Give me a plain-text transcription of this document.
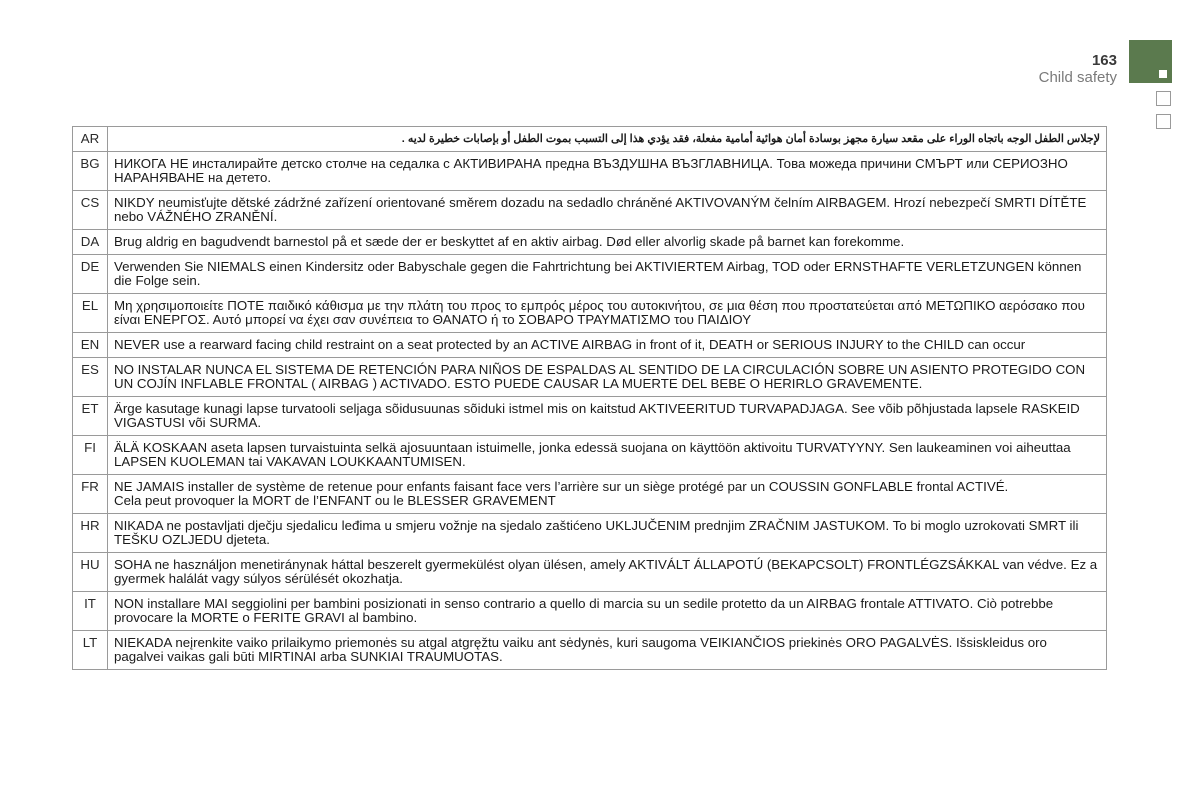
163
Child safety
AR	لإجلاس الطفل الوجه باتجاه الوراء على مقعد سيارة مجهز بوسادة أمان هوائية أمامية مفعلة، فقد يؤدي هذا إلى التسبب بموت الطفل أو بإصابات خطيرة لديه .
BG	НИКОГА НЕ инсталирайте детско столче на седалка с АКТИВИРАНА предна ВЪЗДУШНА ВЪЗГЛАВНИЦА. Това можеда причини СМЪРТ или СЕРИОЗНО НАРАНЯВАНЕ на детето.
CS	NIKDY neumisťujte dětské zádržné zařízení orientované směrem dozadu na sedadlo chráněné AKTIVOVANÝM čelním AIRBAGEM. Hrozí nebezpečí SMRTI DÍTĚTE nebo VÁŽNÉHO ZRANĚNÍ.
DA	Brug aldrig en bagudvendt barnestol på et sæde der er beskyttet af en aktiv airbag. Død eller alvorlig skade på barnet kan forekomme.
DE	Verwenden Sie NIEMALS einen Kindersitz oder Babyschale gegen die Fahrtrichtung bei AKTIVIERTEM Airbag, TOD oder ERNSTHAFTE VERLETZUNGEN können die Folge sein.
EL	Μη χρησιμοποιείτε ΠΟΤΕ παιδικό κάθισμα με την πλάτη του προς το εμπρός μέρος του αυτοκινήτου, σε μια θέση που προστατεύεται από ΜΕΤΩΠΙΚΟ αερόσακο που είναι ΕΝΕΡΓΟΣ. Αυτό μπορεί να έχει σαν συνέπεια το ΘΑΝΑΤΟ ή το ΣΟΒΑΡΟ ΤΡΑΥΜΑΤΙΣΜΟ του ΠΑΙΔΙΟΥ
EN	NEVER use a rearward facing child restraint on a seat protected by an ACTIVE AIRBAG in front of it, DEATH or SERIOUS INJURY to the CHILD can occur
ES	NO INSTALAR NUNCA EL SISTEMA DE RETENCIÓN PARA NIÑOS DE ESPALDAS AL SENTIDO DE LA CIRCULACIÓN SOBRE UN ASIENTO PROTEGIDO CON UN COJÍN INFLABLE FRONTAL ( AIRBAG ) ACTIVADO. ESTO PUEDE CAUSAR LA MUERTE DEL BEBE O HERIRLO GRAVEMENTE.
ET	Ärge kasutage kunagi lapse turvatooli seljaga sõidusuunas sõiduki istmel mis on kaitstud AKTIVEERITUD TURVAPADJAGA. See võib põhjustada lapsele RASKEID VIGASTUSI või SURMA.
FI	ÄLÄ KOSKAAN aseta lapsen turvaistuinta selkä ajosuuntaan istuimelle, jonka edessä suojana on käyttöön aktivoitu TURVATYYNY. Sen laukeaminen voi aiheuttaa LAPSEN KUOLEMAN tai VAKAVAN LOUKKAANTUMISEN.
FR	NE JAMAIS installer de système de retenue pour enfants faisant face vers l’arrière sur un siège protégé par un COUSSIN GONFLABLE frontal ACTIVÉ.
Cela peut provoquer la MORT de l’ENFANT ou le BLESSER GRAVEMENT
HR	NIKADA ne postavljati dječju sjedalicu leđima u smjeru vožnje na sjedalo zaštićeno UKLJUČENIM prednjim ZRAČNIM JASTUKOM. To bi moglo uzrokovati SMRT ili TEŠKU OZLJEDU djeteta.
HU	SOHA ne használjon menetiránynak háttal beszerelt gyermekülést olyan ülésen, amely AKTIVÁLT ÁLLAPOTÚ (BEKAPCSOLT) FRONTLÉGZSÁKKAL van védve. Ez a gyermek halálát vagy súlyos sérülését okozhatja.
IT	NON installare MAI seggiolini per bambini posizionati in senso contrario a quello di marcia su un sedile protetto da un AIRBAG frontale ATTIVATO. Ciò potrebbe provocare la MORTE o FERITE GRAVI al bambino.
LT	NIEKADA neįrenkite vaiko prilaikymo priemonės su atgal atgręžtu vaiku ant sėdynės, kuri saugoma VEIKIANČIOS priekinės ORO PAGALVĖS. Išsiskleidus oro pagalvei vaikas gali būti MIRTINAI arba SUNKIAI TRAUMUOTAS.
